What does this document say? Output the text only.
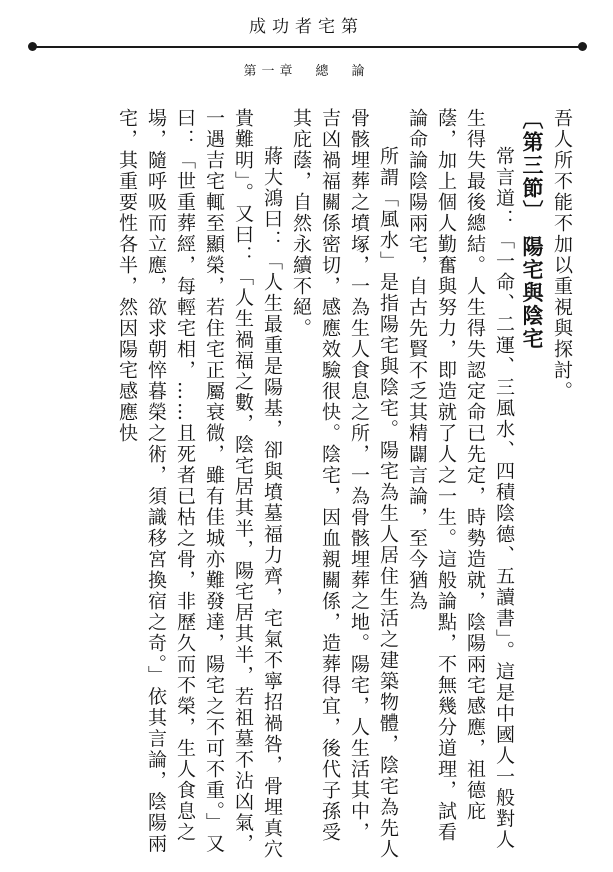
成功者宅第
第一章　總　論

吾人所不能不加以重視與探討。

〔第三節〕　陽宅與陰宅

常言道：「一命、二運、三風水、四積陰德、五讀書」。這是中國人一般對人生得失最後總結。人生得失認定命已先定，時勢造就，陰陽兩宅感應，祖德庇蔭，加上個人勤奮與努力，即造就了人之一生。這般論點，不無幾分道理，試看論命論陰陽兩宅，自古先賢不乏其精闢言論，至今猶為

所謂「風水」是指陽宅與陰宅。陽宅為生人居住生活之建築物體，陰宅為先人骨骸埋葬之墳塚，一為生人食息之所，一為骨骸埋葬之地。陽宅，人生活其中，吉凶禍福關係密切，感應效驗很快。陰宅，因血親關係，造葬得宜，後代子孫受其庇蔭，自然永續不絕。

蔣大鴻曰：「人生最重是陽基，卻與墳墓福力齊，宅氣不寧招禍咎，骨埋真穴貴難明」。又曰：「人生禍福之數，陰宅居其半，陽宅居其半，若祖墓不沾凶氣，一遇吉宅輒至顯榮，若住宅正屬衰微，雖有佳城亦難發達，陽宅之不可不重。」又曰：「世重葬經，每輕宅相，……且死者已枯之骨，非歷久而不榮，生人食息之場，隨呼吸而立應，欲求朝悴暮榮之術，須識移宮換宿之奇。」依其言論，陰陽兩宅，其重要性各半，然因陽宅感應快
